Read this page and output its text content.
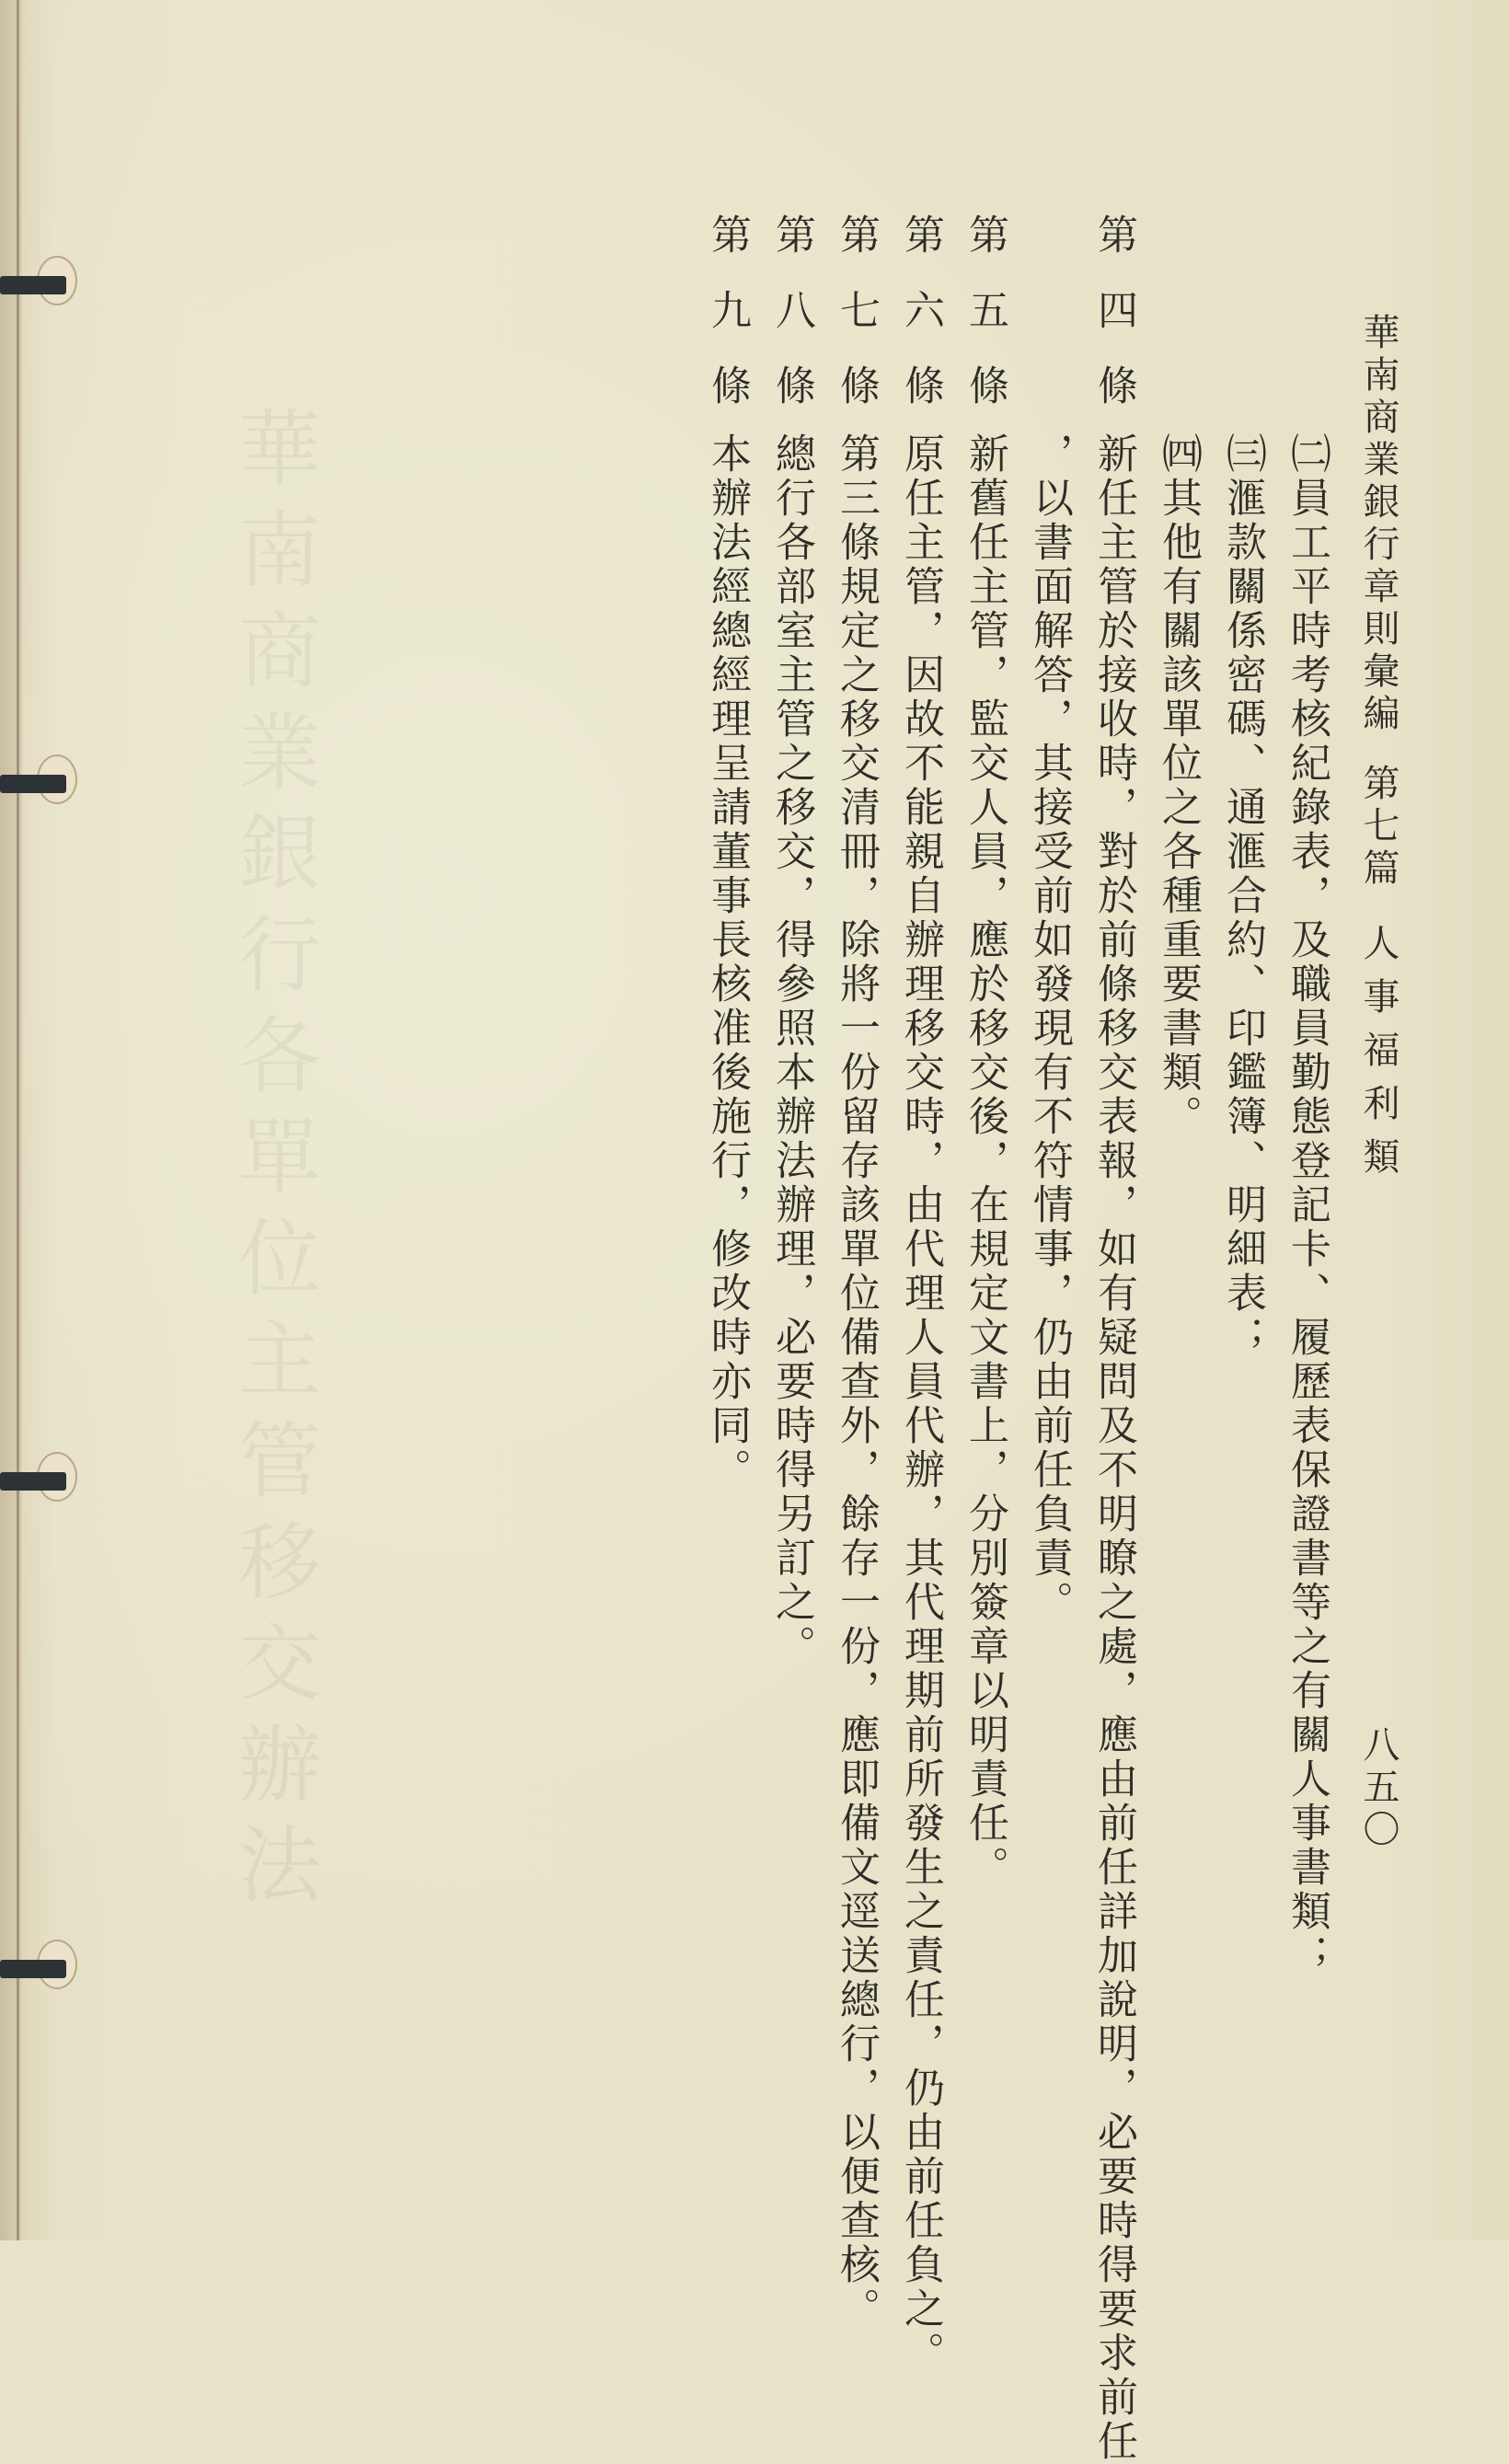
華南商業銀行各單位主管移交辦法	華南商業銀行章則彙編第七篇人事福利類
八五〇
㈡員工平時考核紀錄表，及職員勤態登記卡、履歷表保證書等之有關人事書類；
㈢滙款關係密碼、通滙合約、印鑑簿、明細表；
㈣其他有關該單位之各種重要書類。
第四條
新任主管於接收時，對於前條移交表報，如有疑問及不明瞭之處，應由前任詳加說明，必要時得要求前任
，以書面解答，其接受前如發現有不符情事，仍由前任負責。
第五條
新舊任主管，監交人員，應於移交後，在規定文書上，分別簽章以明責任。
第六條
原任主管，因故不能親自辦理移交時，由代理人員代辦，其代理期前所發生之責任，仍由前任負之。
第七條
第三條規定之移交清冊，除將一份留存該單位備查外，餘存一份，應即備文逕送總行，以便查核。
第八條
總行各部室主管之移交，得參照本辦法辦理，必要時得另訂之。
第九條
本辦法經總經理呈請董事長核准後施行，修改時亦同。
